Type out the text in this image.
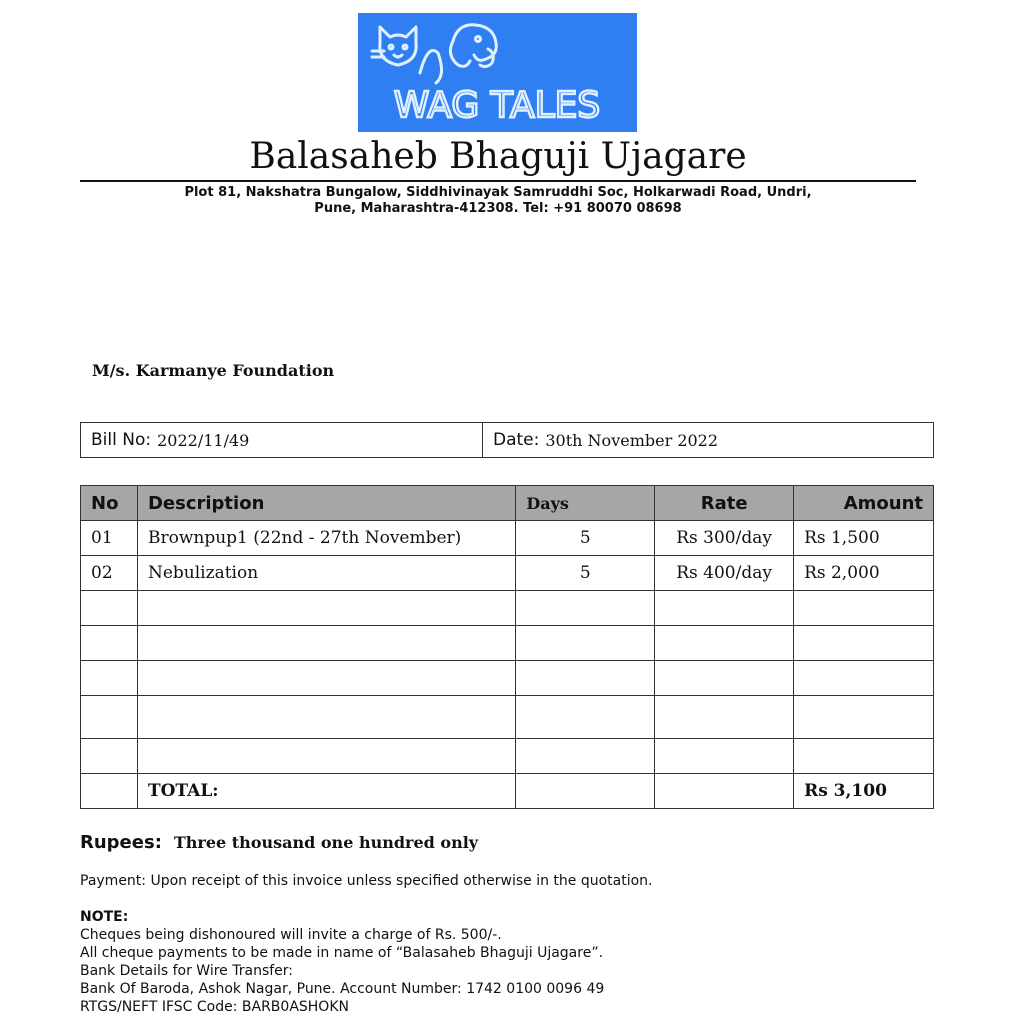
WAG TALES
Balasaheb Bhaguji Ujagare
Plot 81, Nakshatra Bungalow, Siddhivinayak Samruddhi Soc, Holkarwadi Road, Undri,
Pune, Maharashtra-412308. Tel: +91 80070 08698
M/s. Karmanye Foundation
Bill No: 2022/11/49	Date: 30th November 2022
No	Description	Days	Rate	Amount
01	Brownpup1 (22nd - 27th November)	5	Rs 300/day	Rs 1,500
02	Nebulization	5	Rs 400/day	Rs 2,000

	TOTAL:			Rs 3,100
Rupees: Three thousand one hundred only
Payment: Upon receipt of this invoice unless specified otherwise in the quotation.
NOTE:
Cheques being dishonoured will invite a charge of Rs. 500/-.
All cheque payments to be made in name of “Balasaheb Bhaguji Ujagare”.
Bank Details for Wire Transfer:
Bank Of Baroda, Ashok Nagar, Pune. Account Number: 1742 0100 0096 49
RTGS/NEFT IFSC Code: BARB0ASHOKN
